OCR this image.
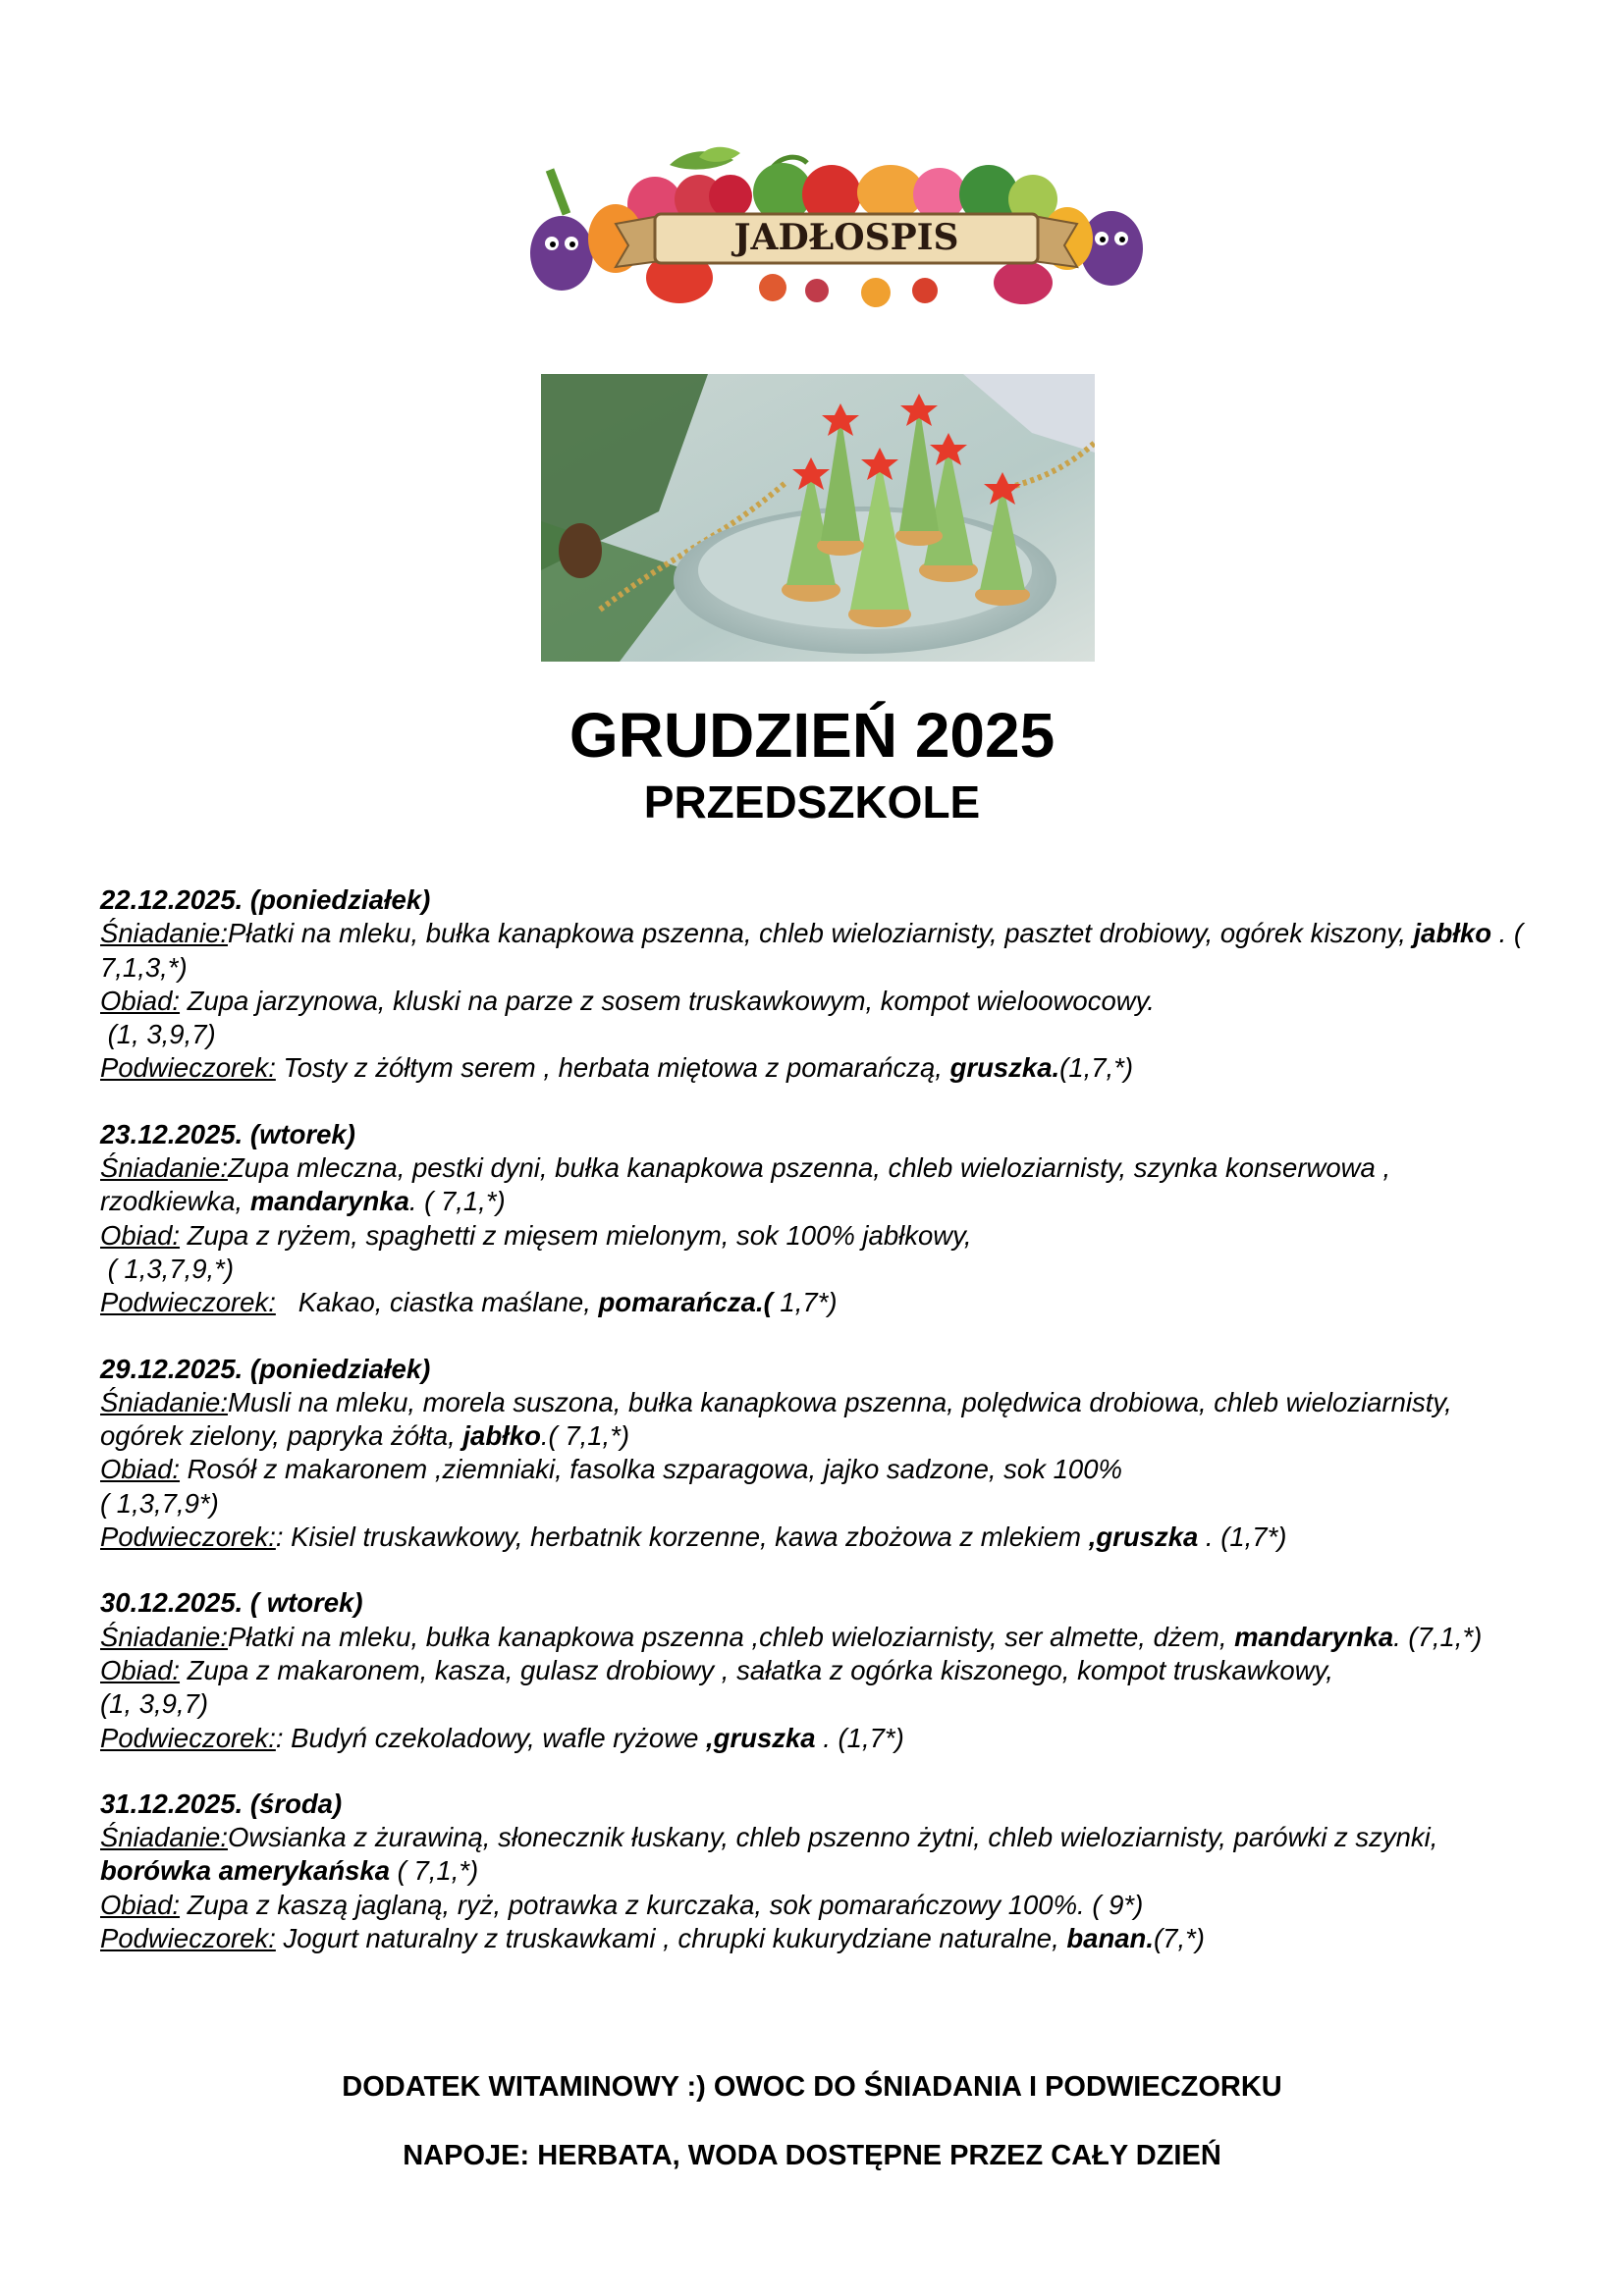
JADŁOSPIS
GRUDZIEŃ 2025
PRZEDSZKOLE
22.12.2025. (poniedziałek)
Śniadanie:Płatki na mleku, bułka kanapkowa pszenna, chleb wieloziarnisty, pasztet drobiowy, ogórek kiszony, jabłko . ( 7,1,3,*)
Obiad: Zupa jarzynowa, kluski na parze z sosem truskawkowym, kompot wieloowocowy.
(1, 3,9,7)
Podwieczorek: Tosty z żółtym serem , herbata miętowa z pomarańczą, gruszka.(1,7,*)
23.12.2025. (wtorek)
Śniadanie:Zupa mleczna, pestki dyni, bułka kanapkowa pszenna, chleb wieloziarnisty, szynka konserwowa , rzodkiewka, mandarynka. ( 7,1,*)
Obiad: Zupa z ryżem, spaghetti z mięsem mielonym, sok 100% jabłkowy,
( 1,3,7,9,*)
Podwieczorek:   Kakao, ciastka maślane, pomarańcza.( 1,7*)
29.12.2025. (poniedziałek)
Śniadanie:Musli na mleku, morela suszona, bułka kanapkowa pszenna, polędwica drobiowa, chleb wieloziarnisty, ogórek zielony, papryka żółta, jabłko.( 7,1,*)
Obiad: Rosół z makaronem ,ziemniaki, fasolka szparagowa, jajko sadzone, sok 100%
( 1,3,7,9*)
Podwieczorek:: Kisiel truskawkowy, herbatnik korzenne, kawa zbożowa z mlekiem ,gruszka . (1,7*)
30.12.2025. ( wtorek)
Śniadanie:Płatki na mleku, bułka kanapkowa pszenna ,chleb wieloziarnisty, ser almette, dżem, mandarynka. (7,1,*)
Obiad: Zupa z makaronem, kasza, gulasz drobiowy , sałatka z ogórka kiszonego, kompot truskawkowy,
(1, 3,9,7)
Podwieczorek:: Budyń czekoladowy, wafle ryżowe ,gruszka . (1,7*)
31.12.2025. (środa)
Śniadanie:Owsianka z żurawiną, słonecznik łuskany, chleb pszenno żytni, chleb wieloziarnisty, parówki z szynki, borówka amerykańska ( 7,1,*)
Obiad: Zupa z kaszą jaglaną, ryż, potrawka z kurczaka, sok pomarańczowy 100%. ( 9*)
Podwieczorek: Jogurt naturalny z truskawkami , chrupki kukurydziane naturalne, banan.(7,*)
DODATEK WITAMINOWY :) OWOC DO ŚNIADANIA I PODWIECZORKU
NAPOJE: HERBATA, WODA DOSTĘPNE PRZEZ CAŁY DZIEŃ
